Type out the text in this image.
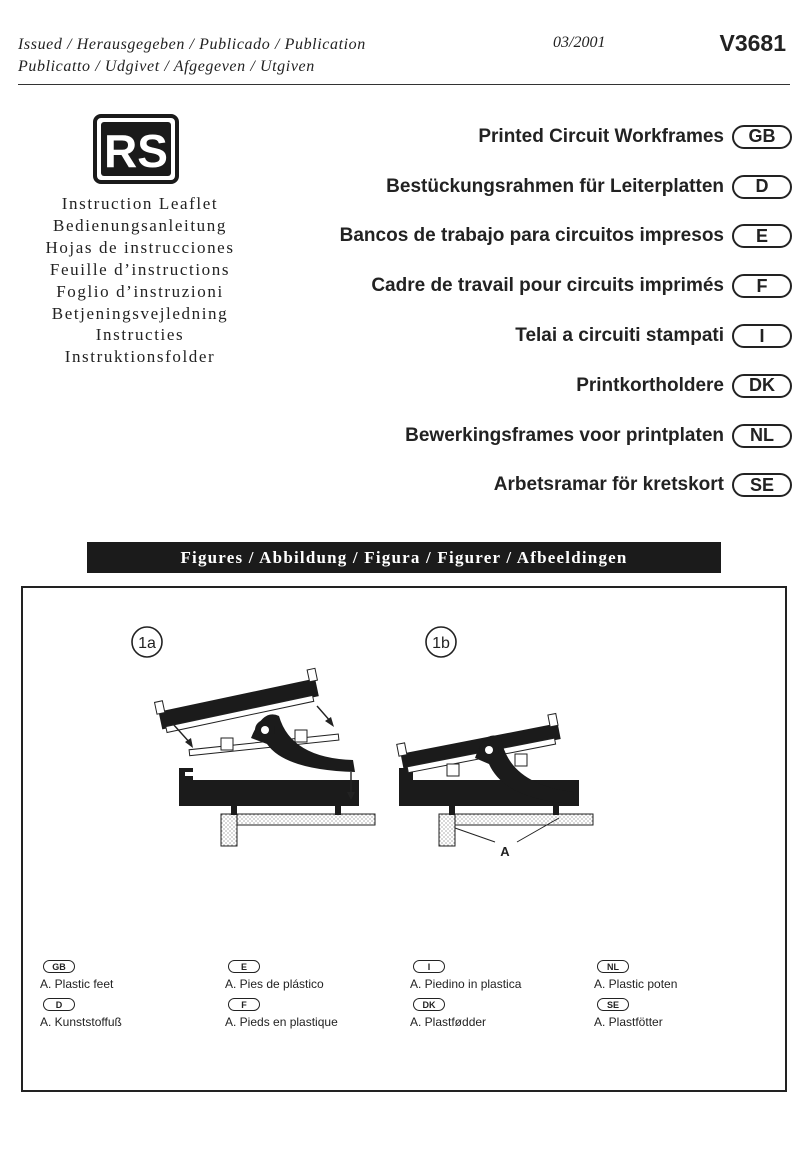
Issued / Herausgegeben / Publicado / Publication
Publicatto / Udgivet / Afgegeven / Utgiven
03/2001	V3681
RS
Instruction Leaflet
Bedienungsanleitung
Hojas de instrucciones
Feuille d’instructions
Foglio d’instruzioni
Betjeningsvejledning
Instructies
Instruktionsfolder
Printed Circuit Workframes	GB
Bestückungsrahmen für Leiterplatten	D
Bancos de trabajo para circuitos impresos	E
Cadre de travail pour circuits imprimés	F
Telai a circuiti stampati	I
Printkortholdere	DK
Bewerkingsframes voor printplaten	NL
Arbetsramar för kretskort	SE
Figures / Abbildung / Figura / Figurer / Afbeeldingen
1a	1b
A
GB
A. Plastic feet
D
A. Kunststoffuß
E
A. Pies de plástico
F
A. Pieds en plastique
I
A. Piedino in plastica
DK
A. Plastfødder
NL
A. Plastic poten
SE
A. Plastfötter
